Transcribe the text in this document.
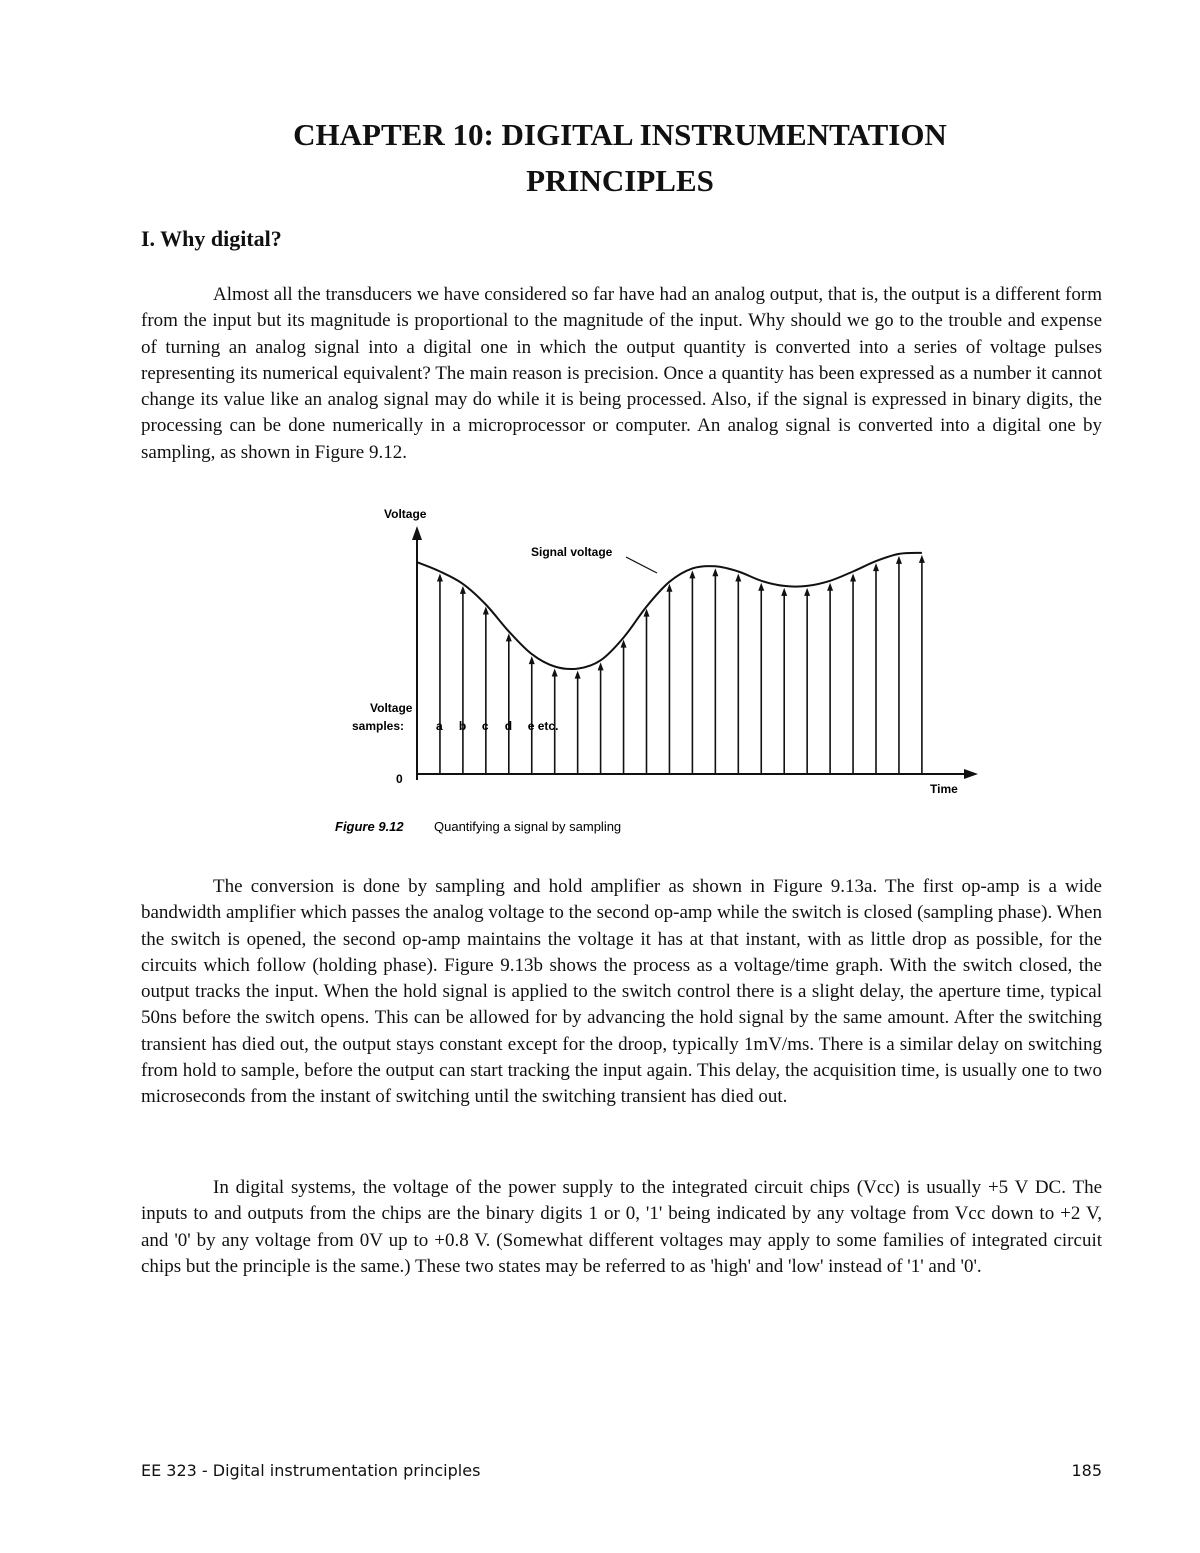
CHAPTER 10: DIGITAL INSTRUMENTATION
PRINCIPLES
I. Why digital?

Almost all the transducers we have considered so far have had an analog output, that is, the output is a different form from the input but its magnitude is proportional to the magnitude of the input. Why should we go to the trouble and expense of turning an analog signal into a digital one in which the output quantity is converted into a series of voltage pulses representing its numerical equivalent? The main reason is precision. Once a quantity has been expressed as a number it cannot change its value like an analog signal may do while it is being processed. Also, if the signal is expressed in binary digits, the processing can be done numerically in a microprocessor or computer. An analog signal is converted into a digital one by sampling, as shown in Figure 9.12.

Voltage
Signal voltage
Voltage
samples:	a b c d e etc.
0
Time
Figure 9.12 Quantifying a signal by sampling

The conversion is done by sampling and hold amplifier as shown in Figure 9.13a. The first op-amp is a wide bandwidth amplifier which passes the analog voltage to the second op-amp while the switch is closed (sampling phase). When the switch is opened, the second op-amp maintains the voltage it has at that instant, with as little drop as possible, for the circuits which follow (holding phase). Figure 9.13b shows the process as a voltage/time graph. With the switch closed, the output tracks the input. When the hold signal is applied to the switch control there is a slight delay, the aperture time, typical 50ns before the switch opens. This can be allowed for by advancing the hold signal by the same amount. After the switching transient has died out, the output stays constant except for the droop, typically 1mV/ms. There is a similar delay on switching from hold to sample, before the output can start tracking the input again. This delay, the acquisition time, is usually one to two microseconds from the instant of switching until the switching transient has died out.

In digital systems, the voltage of the power supply to the integrated circuit chips (Vcc) is usually +5 V DC. The inputs to and outputs from the chips are the binary digits 1 or 0, '1' being indicated by any voltage from Vcc down to +2 V, and '0' by any voltage from 0V up to +0.8 V. (Somewhat different voltages may apply to some families of integrated circuit chips but the principle is the same.) These two states may be referred to as 'high' and 'low' instead of '1' and '0'.

EE 323 - Digital instrumentation principles	185
